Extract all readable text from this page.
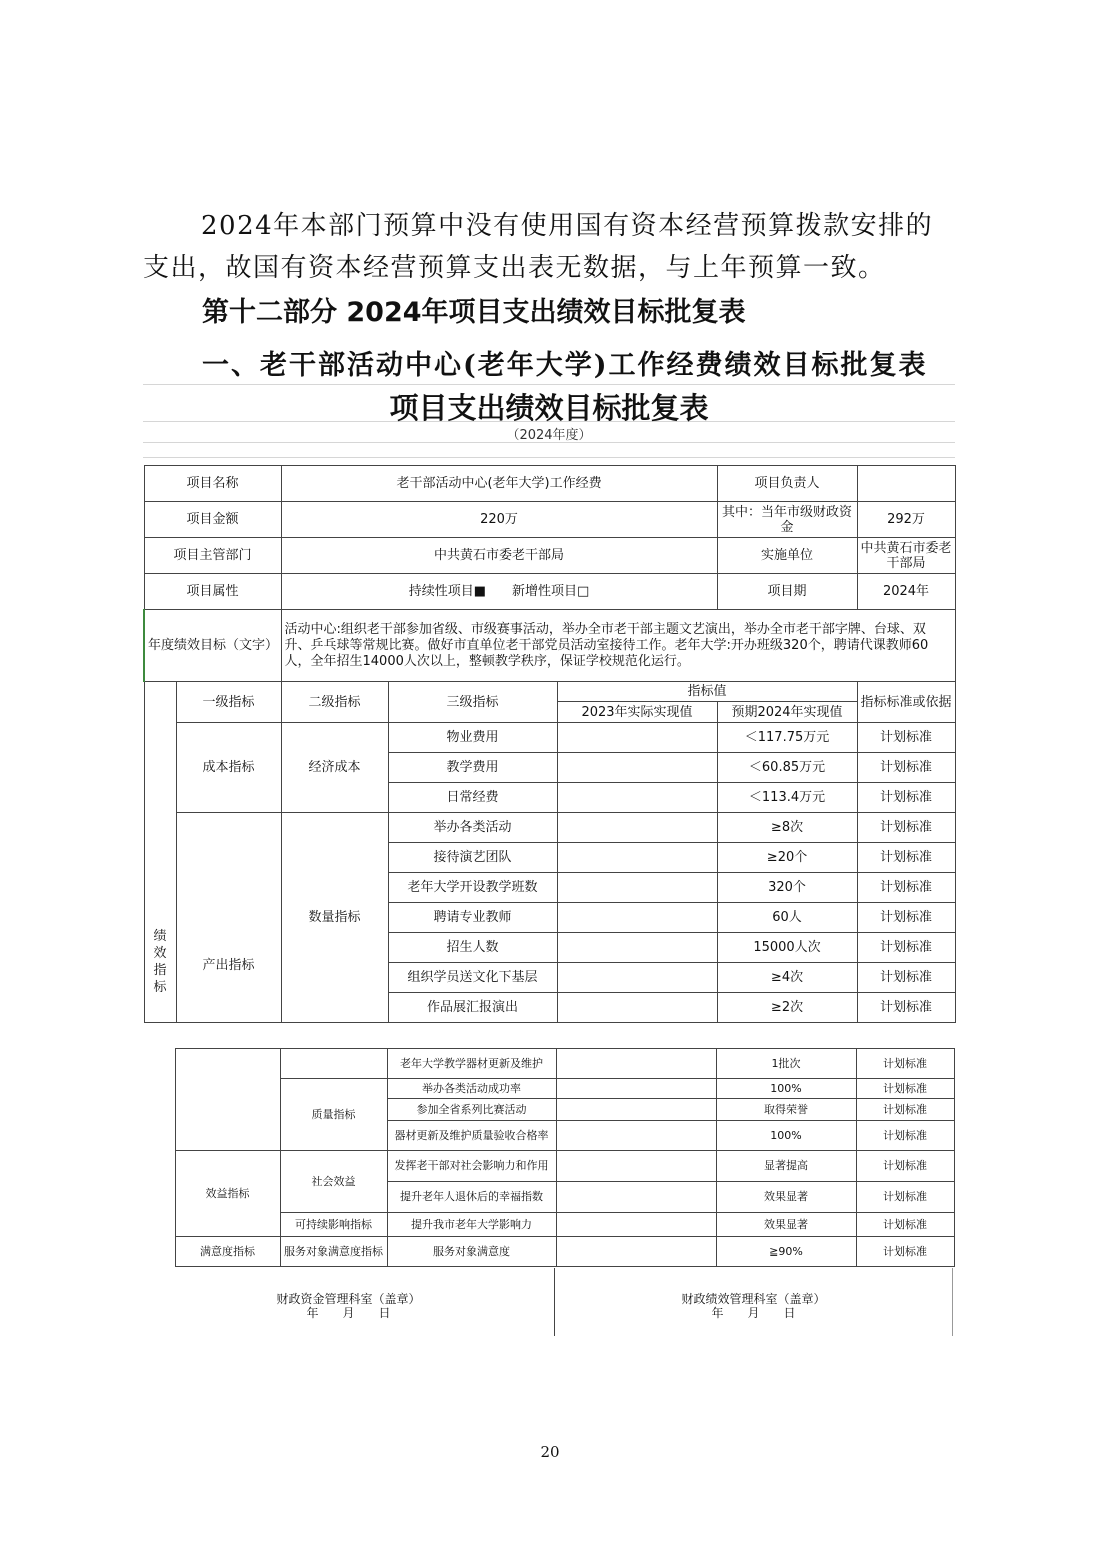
2024年本部门预算中没有使用国有资本经营预算拨款安排的支出，故国有资本经营预算支出表无数据，与上年预算一致。

第十二部分 2024年项目支出绩效目标批复表
一、老干部活动中心(老年大学)工作经费绩效目标批复表
项目支出绩效目标批复表
（2024年度）
项目名称		老干部活动中心(老年大学)工作经费			项目负责人	
项目金额		220万			其中：当年市级财政资金	292万
项目主管部门		中共黄石市委老干部局			实施单位	中共黄石市委老干部局
项目属性		持续性项目■　　新增性项目□			项目期	2024年
年度绩效目标（文字）		活动中心:组织老干部参加省级、市级赛事活动，举办全市老干部主题文艺演出，举办全市老干部字牌、台球、双升、乒乓球等常规比赛。做好市直单位老干部党员活动室接待工作。老年大学:开办班级320个，聘请代课教师60人，全年招生14000人次以上，整顿教学秩序，保证学校规范化运行。				
绩效指标	一级指标	二级指标	三级指标	指标值		指标标准或依据
				2023年实际实现值	预期2024年实现值	
	成本指标	经济成本	物业费用		＜117.75万元	计划标准
			教学费用		＜60.85万元	计划标准
			日常经费		＜113.4万元	计划标准
	产出指标	数量指标	举办各类活动		≥8次	计划标准
			接待演艺团队		≥20个	计划标准
			老年大学开设教学班数		320个	计划标准
			聘请专业教师		60人	计划标准
			招生人数		15000人次	计划标准
			组织学员送文化下基层		≥4次	计划标准
			作品展汇报演出		≥2次	计划标准
			老年大学教学器材更新及维护		1批次	计划标准
		质量指标	举办各类活动成功率		100%	计划标准
			参加全省系列比赛活动		取得荣誉	计划标准
			器材更新及维护质量验收合格率		100%	计划标准
	效益指标	社会效益	发挥老干部对社会影响力和作用		显著提高	计划标准
			提升老年人退休后的幸福指数		效果显著	计划标准
		可持续影响指标	提升我市老年大学影响力		效果显著	计划标准
	满意度指标	服务对象满意度指标	服务对象满意度		≧90%	计划标准
财政资金管理科室（盖章）
年　　月　　日
财政绩效管理科室（盖章）
年　　月　　日
20
